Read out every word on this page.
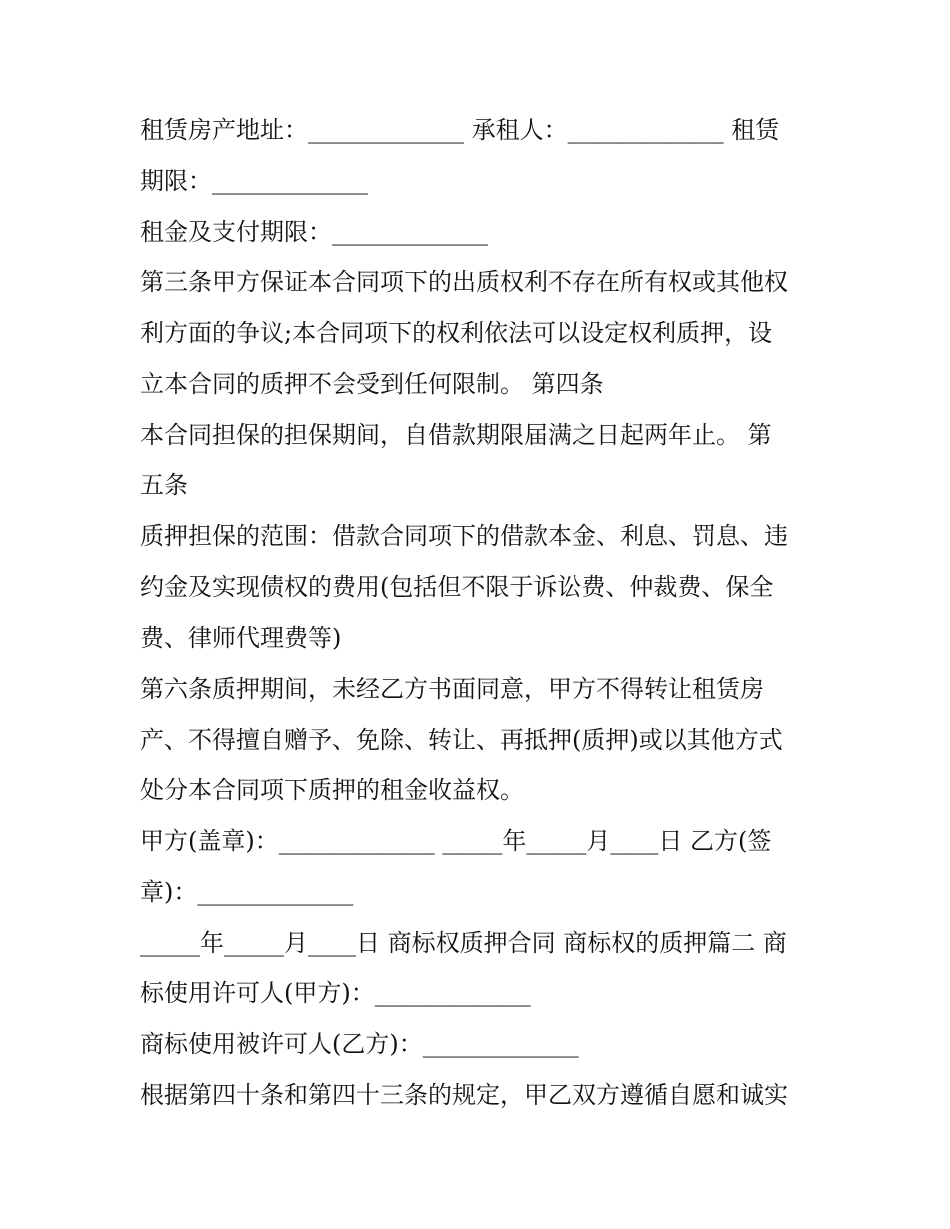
租赁房产地址：_____________ 承租人：_____________ 租赁
期限：_____________
租金及支付期限：_____________
第三条甲方保证本合同项下的出质权利不存在所有权或其他权
利方面的争议;本合同项下的权利依法可以设定权利质押，设
立本合同的质押不会受到任何限制。 第四条
本合同担保的担保期间，自借款期限届满之日起两年止。 第
五条
质押担保的范围：借款合同项下的借款本金、利息、罚息、违
约金及实现债权的费用(包括但不限于诉讼费、仲裁费、保全
费、律师代理费等)
第六条质押期间，未经乙方书面同意，甲方不得转让租赁房
产、不得擅自赠予、免除、转让、再抵押(质押)或以其他方式
处分本合同项下质押的租金收益权。
甲方(盖章)：_____________ _____年_____月____日 乙方(签
章)：_____________
_____年_____月____日 商标权质押合同 商标权的质押篇二 商
标使用许可人(甲方)：_____________
商标使用被许可人(乙方)：_____________
根据第四十条和第四十三条的规定，甲乙双方遵循自愿和诚实
